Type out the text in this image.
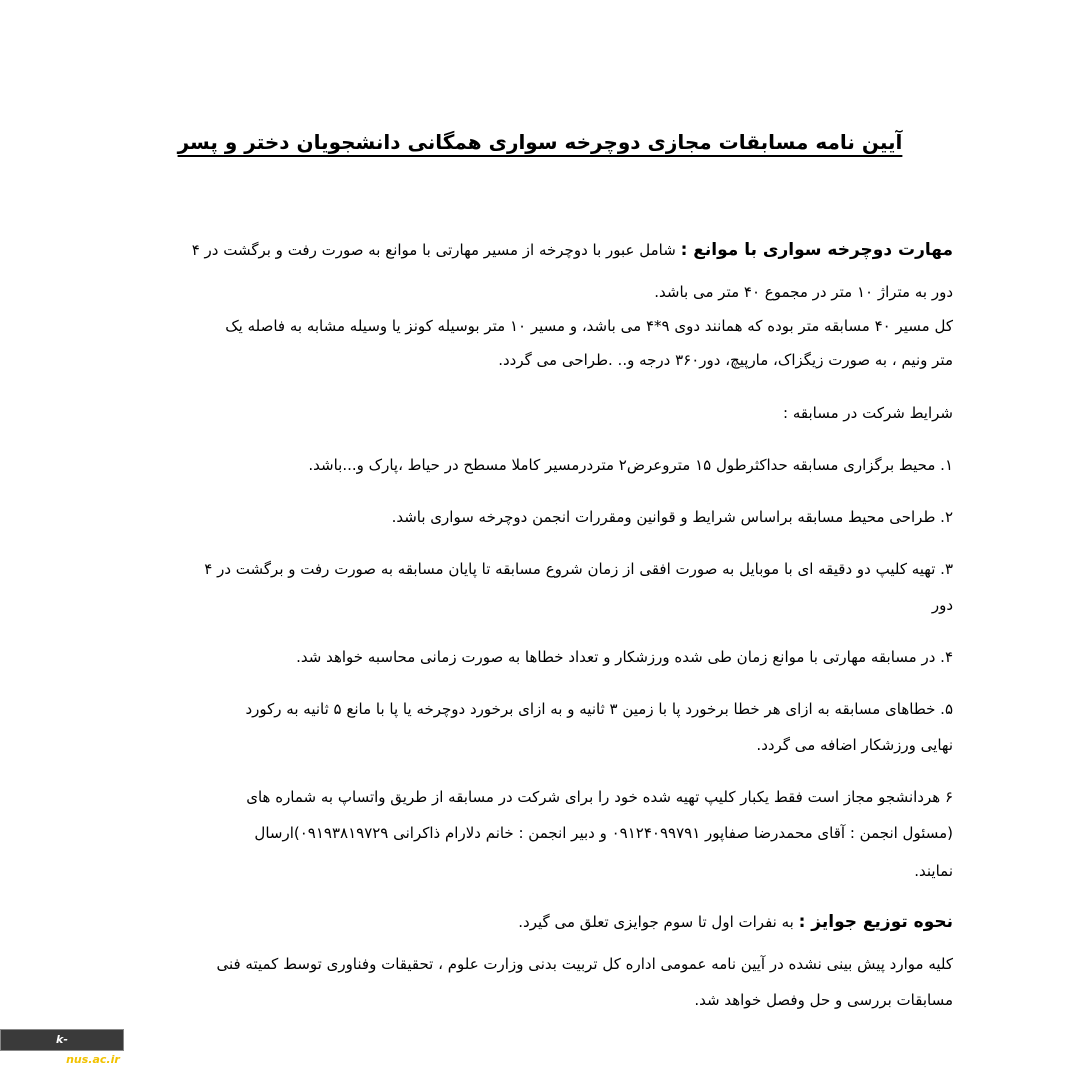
آیین نامه مسابقات مجازی دوچرخه سواری همگانی دانشجویان دختر و پسر

مهارت دوچرخه سواری با موانع : شامل عبور با دوچرخه از مسیر مهارتی با موانع به صورت رفت و برگشت در ۴

دور به متراژ ۱۰ متر در مجموع ۴۰ متر می باشد.

کل مسیر ۴۰ مسابقه متر بوده که همانند دوی ۹*۴ می باشد، و مسیر ۱۰ متر بوسیله کونز یا وسیله مشابه به فاصله یک

متر ونیم ، به صورت زیگزاک، مارپیچ، دور۳۶۰ درجه و.. .طراحی می گردد.

شرایط شرکت در مسابقه :

۱. محیط برگزاری مسابقه حداکثرطول ۱۵ متروعرض۲ متردرمسیر کاملا مسطح در حیاط ،پارک و...باشد.

۲. طراحی محیط مسابقه براساس شرایط و قوانین ومقررات انجمن دوچرخه سواری باشد.

۳. تهیه کلیپ دو دقیقه ای با موبایل به صورت افقی از زمان شروع مسابقه تا پایان مسابقه به صورت رفت و برگشت در ۴

دور

۴. در مسابقه مهارتی با موانع زمان طی شده ورزشکار و تعداد خطاها به صورت زمانی محاسبه خواهد شد.

۵. خطاهای مسابقه به ازای هر خطا برخورد پا با زمین ۳ ثانیه و به ازای برخورد دوچرخه یا پا با مانع ۵ ثانیه به رکورد

نهایی ورزشکار اضافه می گردد.

۶ هردانشجو مجاز است فقط یکبار کلیپ تهیه شده خود را برای شرکت در مسابقه از طریق واتساپ به شماره های

(مسئول انجمن : آقای محمدرضا صفاپور ۰۹۱۲۴۰۹۹۷۹۱ و دبیر انجمن : خانم دلارام ذاکرانی ۰۹۱۹۳۸۱۹۷۲۹)ارسال

نمایند.

نحوه توزیع جوایز : به نفرات اول تا سوم جوایزی تعلق می گیرد.

کلیه موارد پیش بینی نشده در آیین نامه عمومی اداره کل تربیت بدنی وزارت علوم ، تحقیقات وفناوری توسط کمیته فنی

مسابقات بررسی و حل وفصل خواهد شد.

k-damghan.nus.ac.ir
